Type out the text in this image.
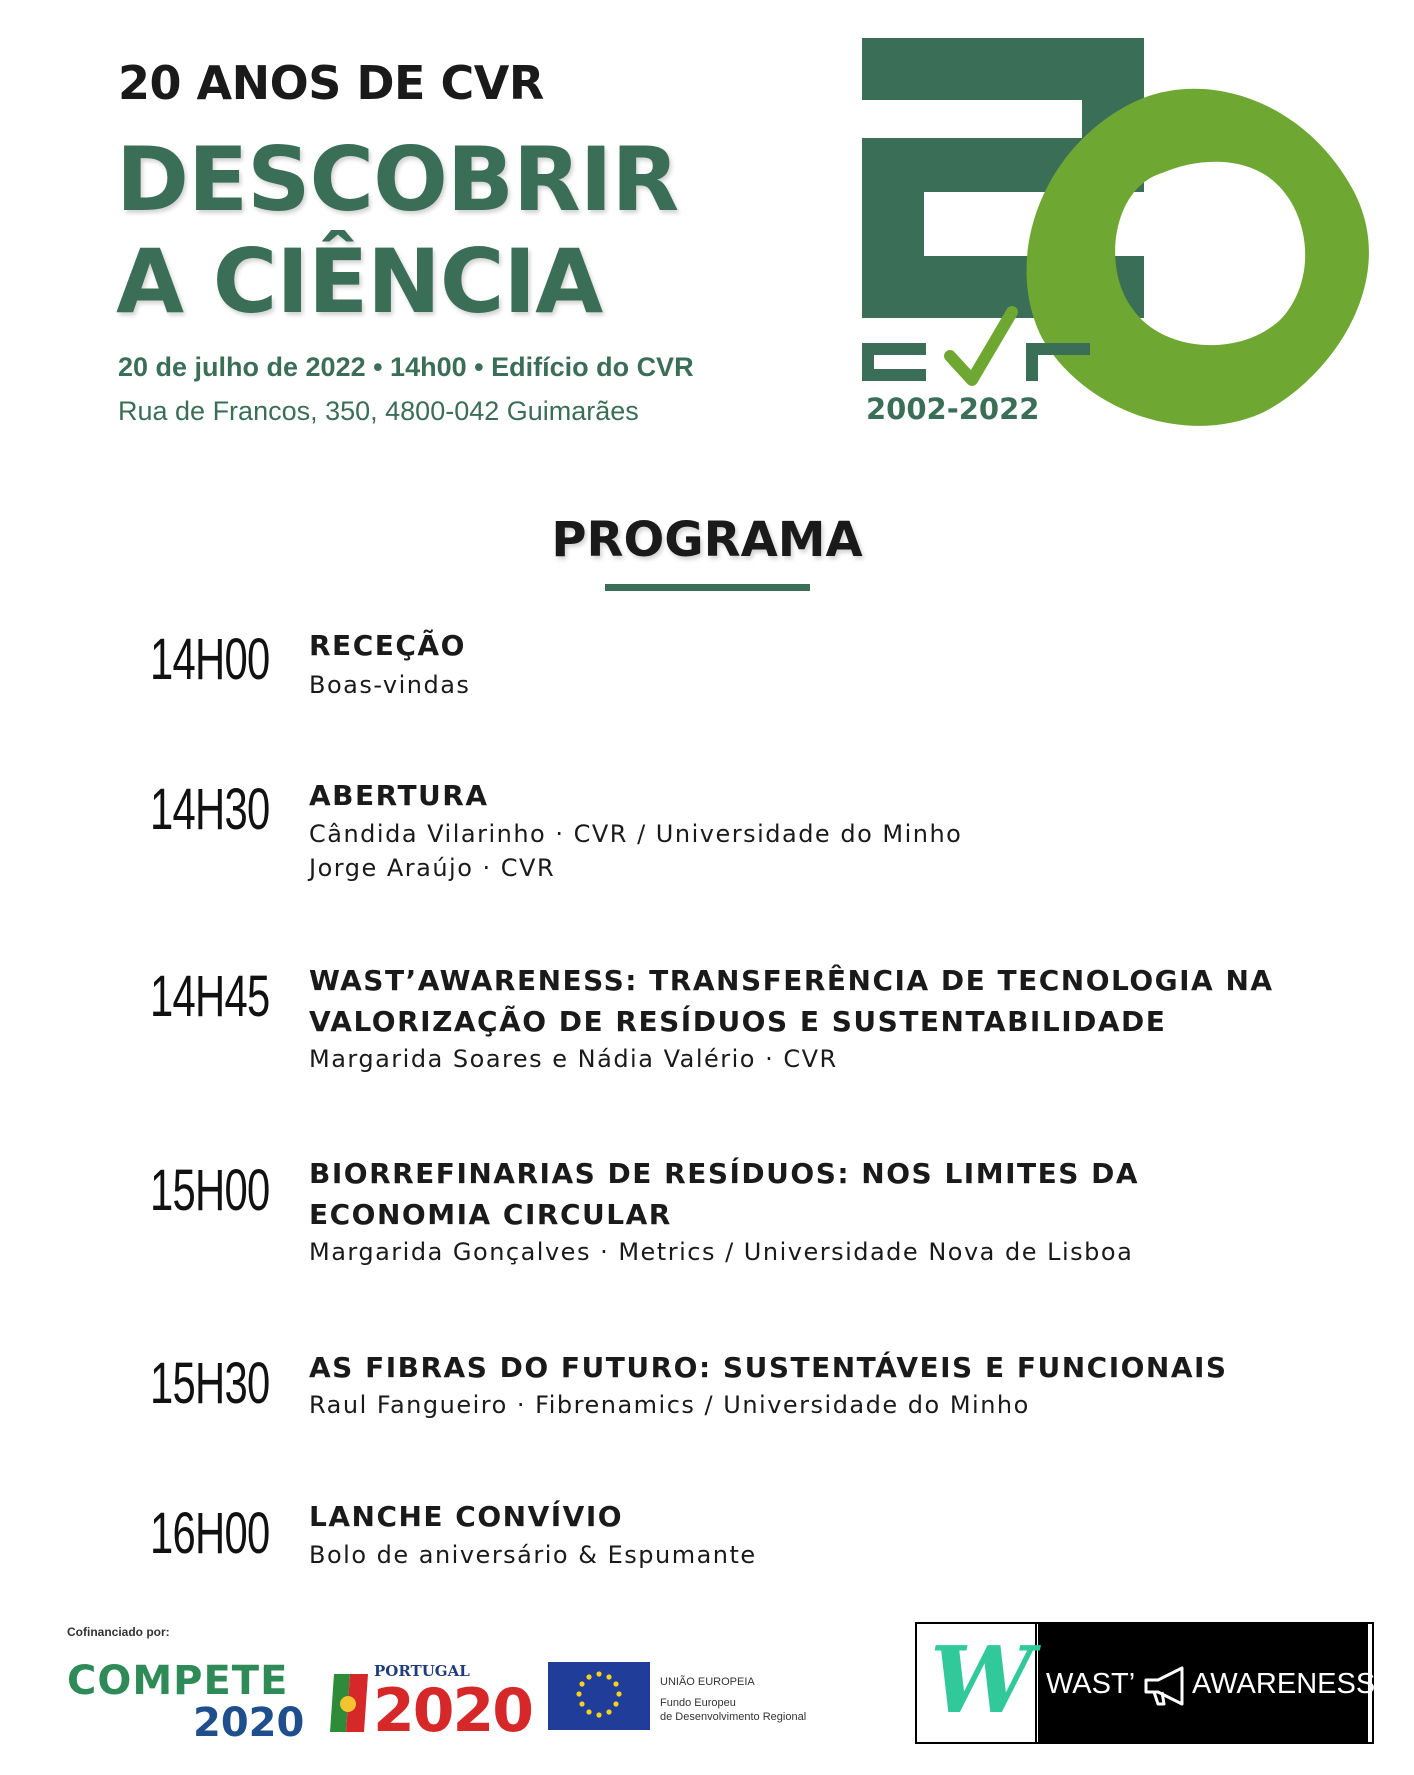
20 ANOS DE CVR
DESCOBRIR
A CIÊNCIA
20 de julho de 2022 • 14h00 • Edifício do CVR
Rua de Francos, 350, 4800-042 Guimarães	2002-2022
PROGRAMA
14H00 RECEÇÃO
Boas-vindas
14H30 ABERTURA
Cândida Vilarinho · CVR / Universidade do Minho
Jorge Araújo · CVR
14H45 WAST’AWARENESS: TRANSFERÊNCIA DE TECNOLOGIA NA VALORIZAÇÃO DE RESÍDUOS E SUSTENTABILIDADE
Margarida Soares e Nádia Valério · CVR
15H00 BIORREFINARIAS DE RESÍDUOS: NOS LIMITES DA ECONOMIA CIRCULAR
Margarida Gonçalves · Metrics / Universidade Nova de Lisboa
15H30 AS FIBRAS DO FUTURO: SUSTENTÁVEIS E FUNCIONAIS
Raul Fangueiro · Fibrenamics / Universidade do Minho
16H00 LANCHE CONVÍVIO
Bolo de aniversário & Espumante
Cofinanciado por:
COMPETE
2020
PORTUGAL
2020	UNIÃO EUROPEIA
Fundo Europeu
de Desenvolvimento Regional W WAST’ AWARENESS
